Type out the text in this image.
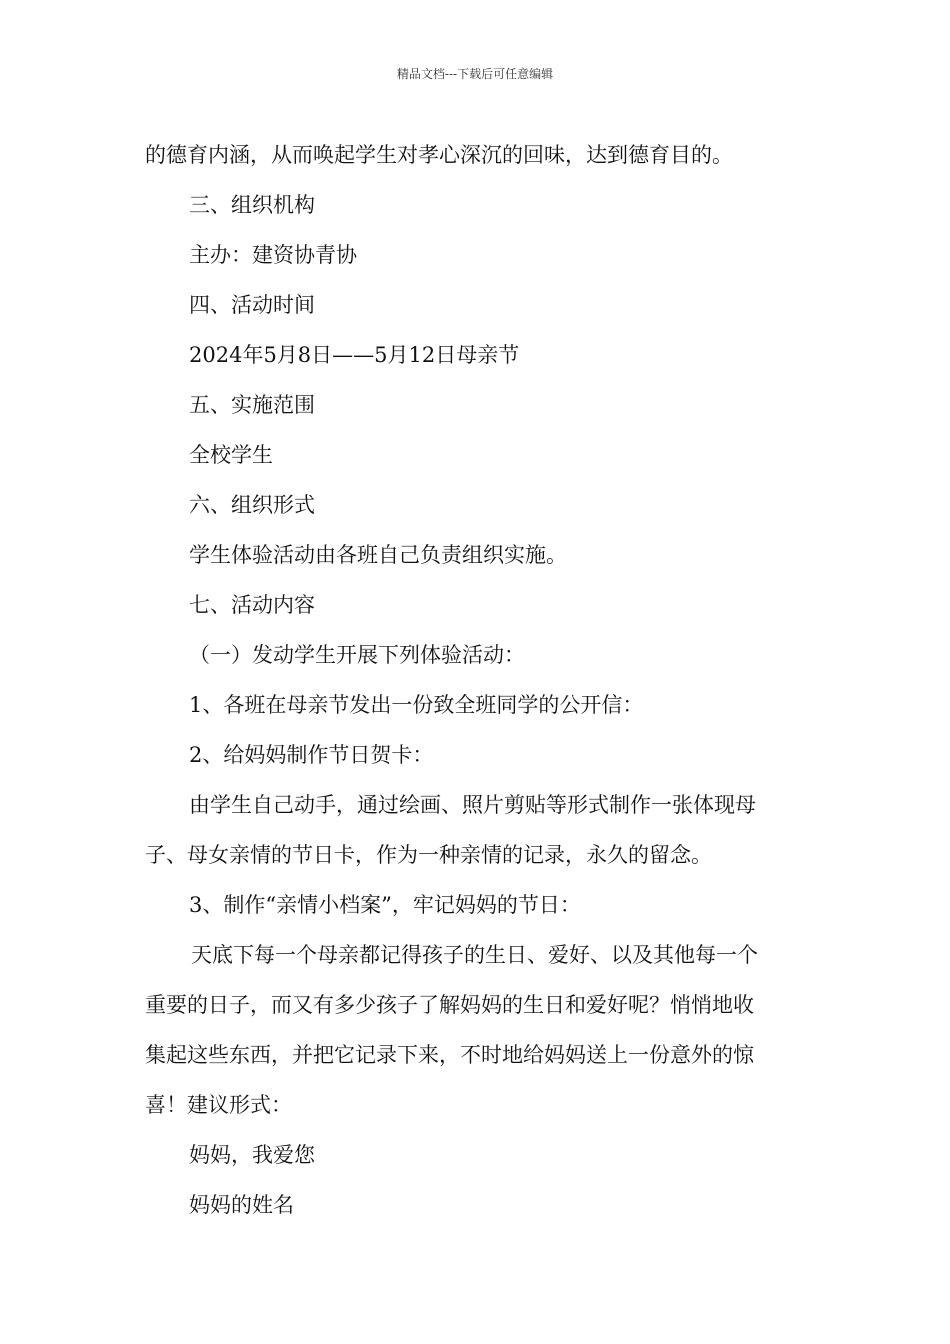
精品文档---下载后可任意编辑
的德育内涵，从而唤起学生对孝心深沉的回味，达到德育目的。
三、组织机构
主办：建资协青协
四、活动时间
2024年5月8日——5月12日母亲节
五、实施范围
全校学生
六、组织形式
学生体验活动由各班自己负责组织实施。
七、活动内容
（一）发动学生开展下列体验活动：
1、各班在母亲节发出一份致全班同学的公开信：
2、给妈妈制作节日贺卡：
由学生自己动手，通过绘画、照片剪贴等形式制作一张体现母
子、母女亲情的节日卡，作为一种亲情的记录，永久的留念。
3、制作“亲情小档案”，牢记妈妈的节日：
天底下每一个母亲都记得孩子的生日、爱好、以及其他每一个
重要的日子，而又有多少孩子了解妈妈的生日和爱好呢？悄悄地收
集起这些东西，并把它记录下来，不时地给妈妈送上一份意外的惊
喜！建议形式：
妈妈，我爱您
妈妈的姓名
